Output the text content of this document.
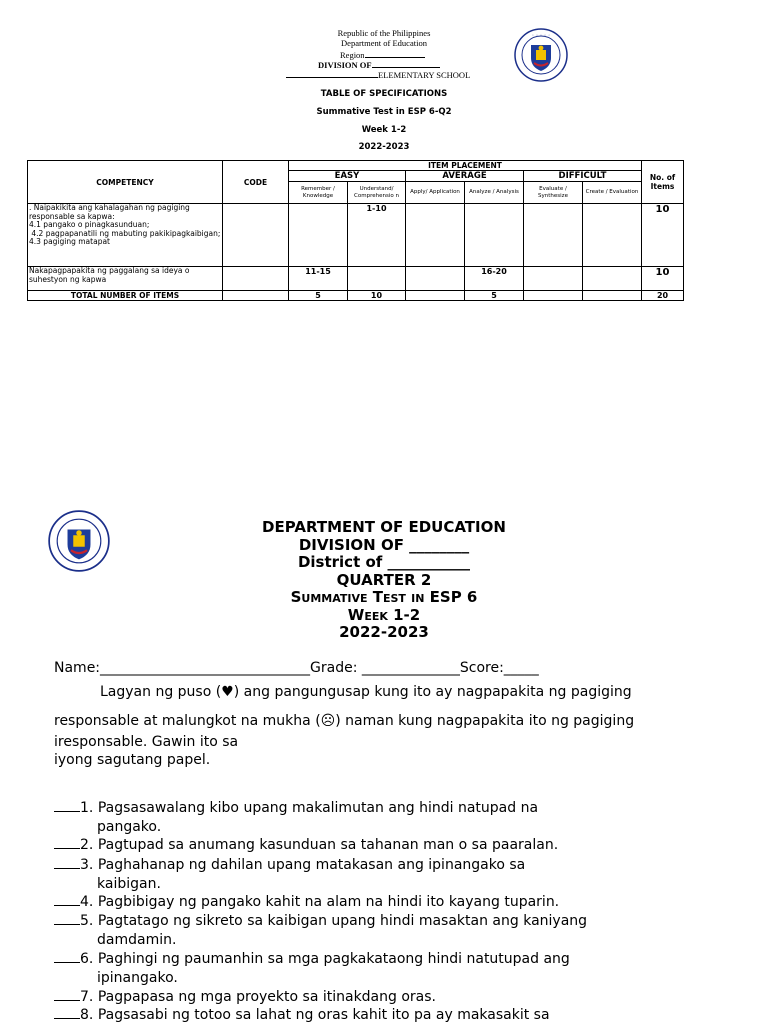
Republic of the Philippines
Department of Education
Region
DIVISION OF
ELEMENTARY SCHOOL
◦ ◦ ◦ ◦ ◦
TABLE OF SPECIFICATIONS
Summative Test in ESP 6-Q2
Week 1-2
2022-2023
COMPETENCY	CODE	ITEM PLACEMENT						No. of Items
		EASY		AVERAGE		DIFFICULT		
		Remember / Knowledge	Understand/ Comprehensio n	Apply/ Application	Analyze / Analysis	Evaluate / Synthesize	Create / Evaluation	

. Naipakikita ang kahalagahan ng pagiging responsable sa kapwa:
4.1 pangako o pinagkasunduan;
4.2 pagpapanatili ng mabuting pakikipagkaibigan;
4.3 pagiging matapat			1-10					10

Nakapagpapakita ng paggalang sa ideya o suhestyon ng kapwa		11-15			16-20			10
TOTAL NUMBER OF ITEMS		5	10		5			20
DEPARTMENT OF EDUCATION
DIVISION OF ________
District of ___________
QUARTER 2
Summative Test in ESP 6
Week 1-2
2022-2023
Name:______________________________Grade: ______________Score:_____
Lagyan ng puso (♥) ang pangungusap kung ito ay nagpapakita ng pagiging
responsable at malungkot na mukha (☹) naman kung nagpapakita ito ng pagiging
iresponsable. Gawin ito sa
iyong sagutang papel.
1. Pagsasawalang kibo upang makalimutan ang hindi natupad na
pangako.
2. Pagtupad sa anumang kasunduan sa tahanan man o sa paaralan.
3. Paghahanap ng dahilan upang matakasan ang ipinangako sa
kaibigan.
4. Pagbibigay ng pangako kahit na alam na hindi ito kayang tuparin.
5. Pagtatago ng sikreto sa kaibigan upang hindi masaktan ang kaniyang
damdamin.
6. Paghingi ng paumanhin sa mga pagkakataong hindi natutupad ang
ipinangako.
7. Pagpapasa ng mga proyekto sa itinakdang oras.
8. Pagsasabi ng totoo sa lahat ng oras kahit ito pa ay makasakit sa
